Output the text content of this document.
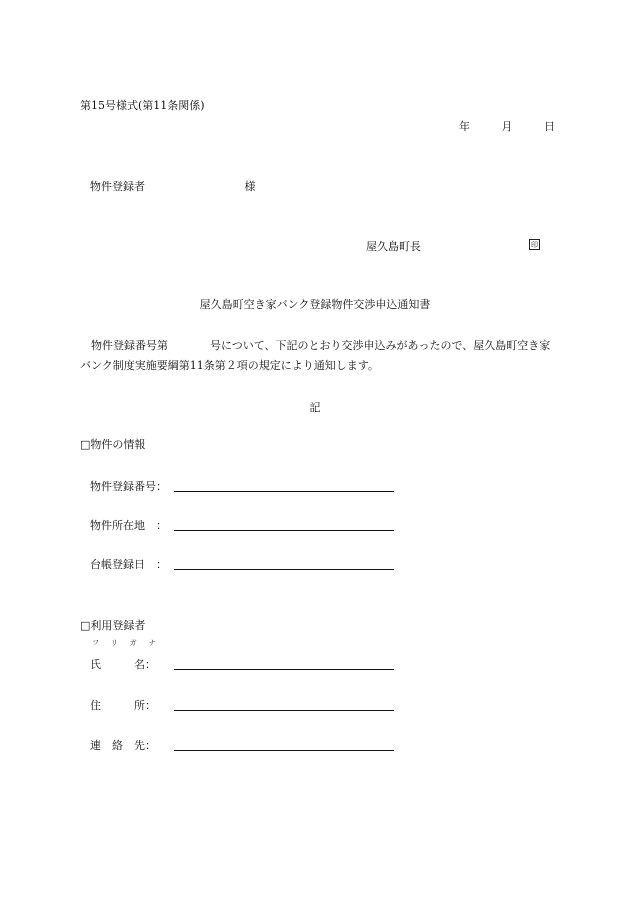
第15号様式(第11条関係)
年	月	日
物件登録者	様
屋久島町長	印
屋久島町空き家バンク登録物件交渉申込通知書
物件登録番号第	号について、下記のとおり交渉申込みがあったので、屋久島町空き家バンク制度実施要綱第11条第２項の規定により通知します。
記
□物件の情報
物件登録番号：
物件所在地　：
台帳登録日　：
□利用登録者
フリガナ
氏　　　名：
住　　　所：
連　絡　先：
